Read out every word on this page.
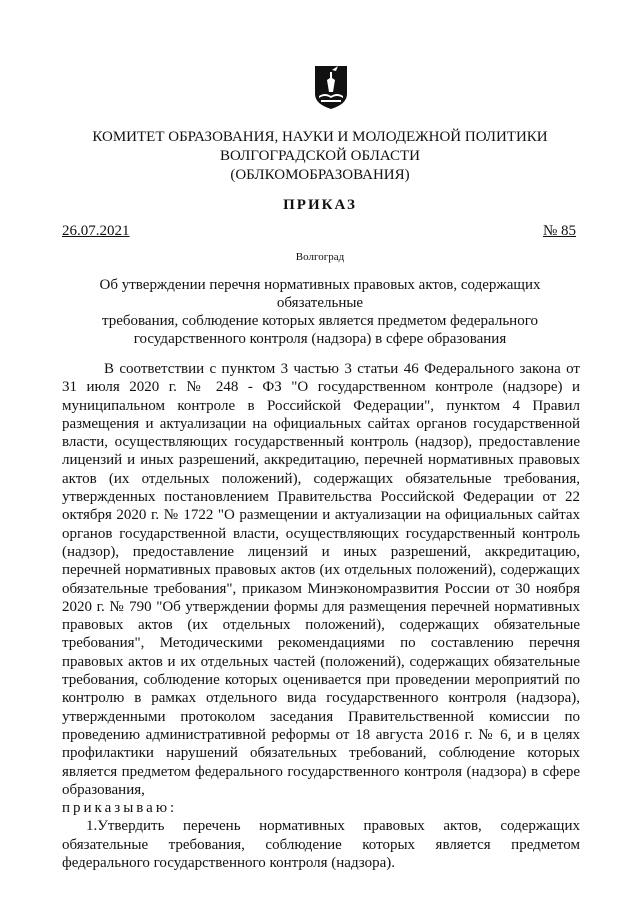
КОМИТЕТ ОБРАЗОВАНИЯ, НАУКИ И МОЛОДЕЖНОЙ ПОЛИТИКИ
ВОЛГОГРАДСКОЙ ОБЛАСТИ
(ОБЛКОМОБРАЗОВАНИЯ)
ПРИКАЗ
26.07.2021	№ 85
Волгоград
Об утверждении перечня нормативных правовых актов, содержащих обязательные
требования, соблюдение которых является предметом федерального
государственного контроля (надзора) в сфере образования

В соответствии с пунктом 3 частью 3 статьи 46 Федерального закона от 31 июля 2020 г. № 248 - ФЗ "О государственном контроле (надзоре) и муниципальном контроле в Российской Федерации", пунктом 4 Правил размещения и актуализации на официальных сайтах органов государственной власти, осуществляющих государственный контроль (надзор), предоставление лицензий и иных разрешений, аккредитацию, перечней нормативных правовых актов (их отдельных положений), содержащих обязательные требования, утвержденных постановлением Правительства Российской Федерации от 22 октября 2020 г. № 1722 "О размещении и актуализации на официальных сайтах органов государственной власти, осуществляющих государственный контроль (надзор), предоставление лицензий и иных разрешений, аккредитацию, перечней нормативных правовых актов (их отдельных положений), содержащих обязательные требования", приказом Минэкономразвития России от 30 ноября 2020 г. № 790 "Об утверждении формы для размещения перечней нормативных правовых актов (их отдельных положений), содержащих обязательные требования", Методическими рекомендациями по составлению перечня правовых актов и их отдельных частей (положений), содержащих обязательные требования, соблюдение которых оценивается при проведении мероприятий по контролю в рамках отдельного вида государственного контроля (надзора), утвержденными протоколом заседания Правительственной комиссии по проведению административной реформы от 18 августа 2016 г. № 6, и в целях профилактики нарушений обязательных требований, соблюдение которых является предметом федерального государственного контроля (надзора) в сфере образования,
приказываю:

1.Утвердить перечень нормативных правовых актов, содержащих обязательные требования, соблюдение которых является предметом федерального государственного контроля (надзора).
